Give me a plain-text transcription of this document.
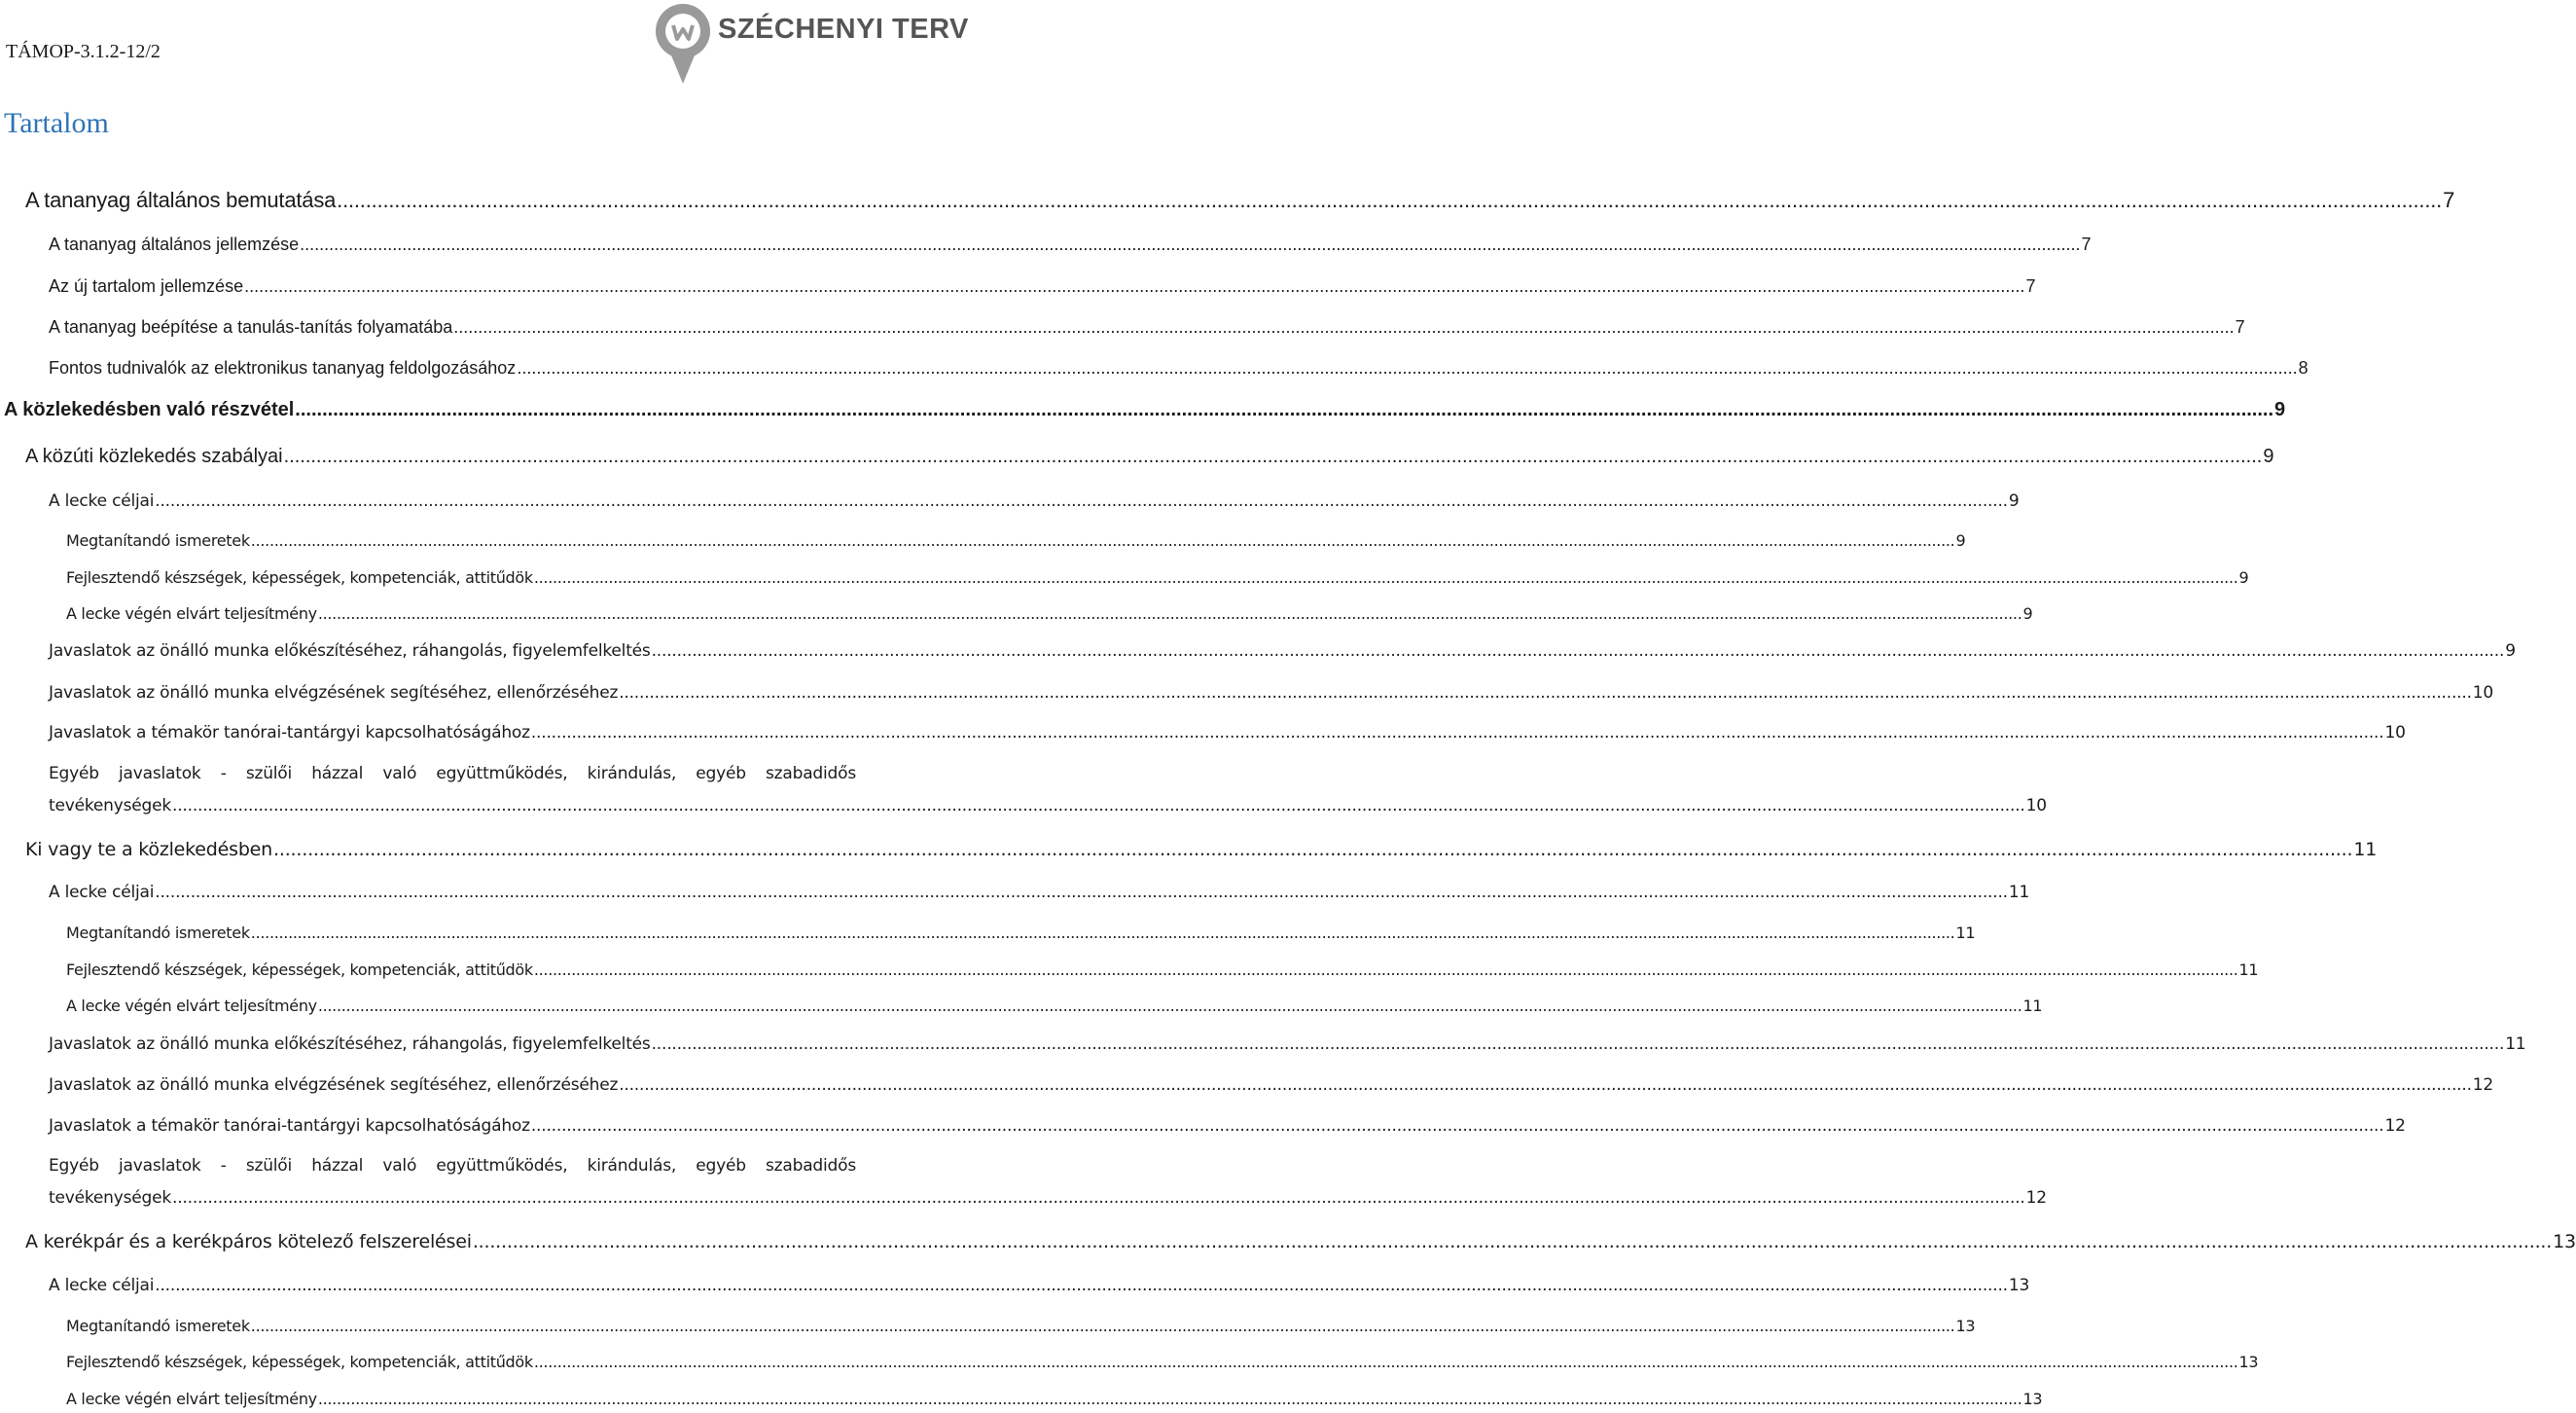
TÁMOP-3.1.2-12/2
SZÉCHENYI TERV
Tartalom
A tananyag általános bemutatása .....	7
A tananyag általános jellemzése .....	7
Az új tartalom jellemzése .....	7
A tananyag beépítése a tanulás-tanítás folyamatába .....	7
Fontos tudnivalók az elektronikus tananyag feldolgozásához .....	8
A közlekedésben való részvétel .....	9
A közúti közlekedés szabályai .....	9
A lecke céljai .....	9
Megtanítandó ismeretek .....	9
Fejlesztendő készségek, képességek, kompetenciák, attitűdök .....	9
A lecke végén elvárt teljesítmény .....	9
Javaslatok az önálló munka előkészítéséhez, ráhangolás, figyelemfelkeltés .....	9
Javaslatok az önálló munka elvégzésének segítéséhez, ellenőrzéséhez .....	10
Javaslatok a témakör tanórai-tantárgyi kapcsolhatóságához .....	10
Egyéb javaslatok - szülői házzal való együttműködés, kirándulás, egyéb szabadidős
tevékenységek .....	10
Ki vagy te a közlekedésben .....	11
A lecke céljai .....	11
Megtanítandó ismeretek .....	11
Fejlesztendő készségek, képességek, kompetenciák, attitűdök .....	11
A lecke végén elvárt teljesítmény .....	11
Javaslatok az önálló munka előkészítéséhez, ráhangolás, figyelemfelkeltés .....	11
Javaslatok az önálló munka elvégzésének segítéséhez, ellenőrzéséhez .....	12
Javaslatok a témakör tanórai-tantárgyi kapcsolhatóságához .....	12
Egyéb javaslatok - szülői házzal való együttműködés, kirándulás, egyéb szabadidős
tevékenységek .....	12
A kerékpár és a kerékpáros kötelező felszerelései .....	13
A lecke céljai .....	13
Megtanítandó ismeretek .....	13
Fejlesztendő készségek, képességek, kompetenciák, attitűdök .....	13
A lecke végén elvárt teljesítmény .....	13
